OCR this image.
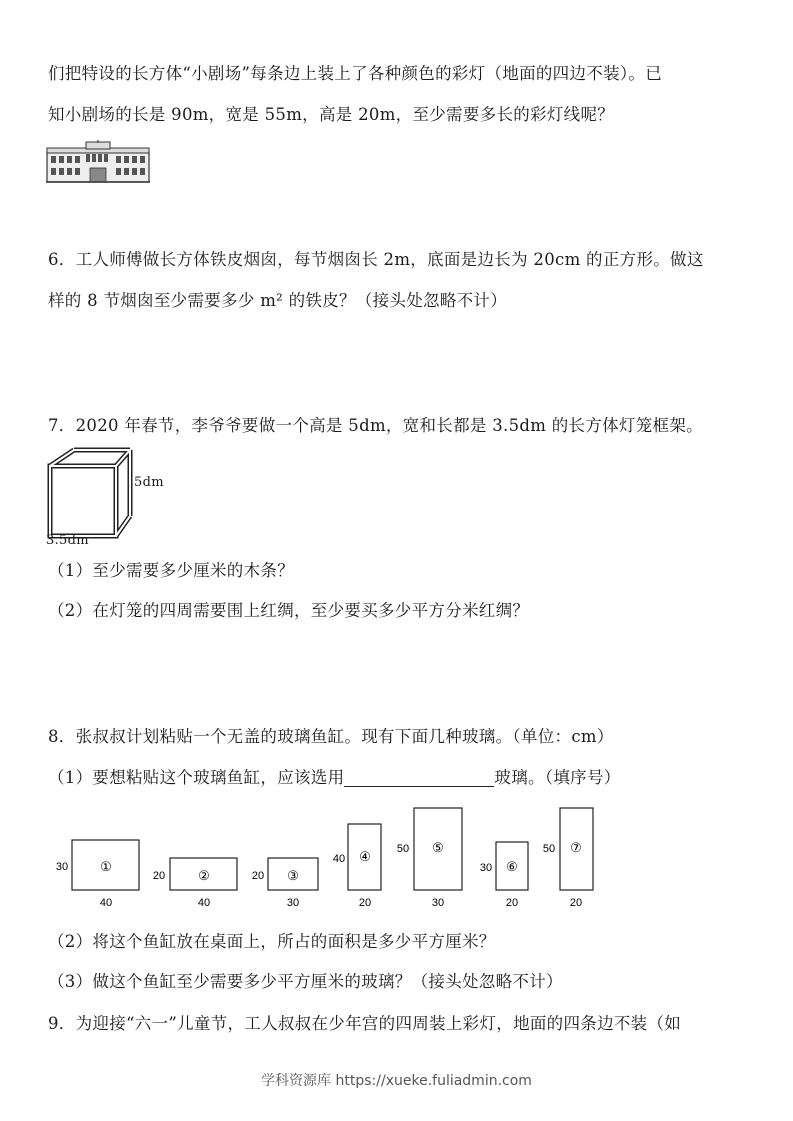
们把特设的长方体“小剧场”每条边上装上了各种颜色的彩灯（地面的四边不装）。已
知小剧场的长是 90m，宽是 55m，高是 20m，至少需要多长的彩灯线呢？
6．工人师傅做长方体铁皮烟囱，每节烟囱长 2m，底面是边长为 20cm 的正方形。做这
样的 8 节烟囱至少需要多少 m² 的铁皮？（接头处忽略不计）
7．2020 年春节，李爷爷要做一个高是 5dm，宽和长都是 3.5dm 的长方体灯笼框架。
5dm
3.5dm
（1）至少需要多少厘米的木条？
（2）在灯笼的四周需要围上红绸，至少要买多少平方分米红绸？
8．张叔叔计划粘贴一个无盖的玻璃鱼缸。现有下面几种玻璃。（单位：cm）
（1）要想粘贴这个玻璃鱼缸，应该选用	玻璃。（填序号）
①
30
40
②
20
40
③
20
30
④
40
20
⑤
50
30
⑥
30
20
⑦
50
20
（2）将这个鱼缸放在桌面上，所占的面积是多少平方厘米？
（3）做这个鱼缸至少需要多少平方厘米的玻璃？（接头处忽略不计）
9．为迎接“六一”儿童节，工人叔叔在少年宫的四周装上彩灯，地面的四条边不装（如
学科资源库 https://xueke.fuliadmin.com
